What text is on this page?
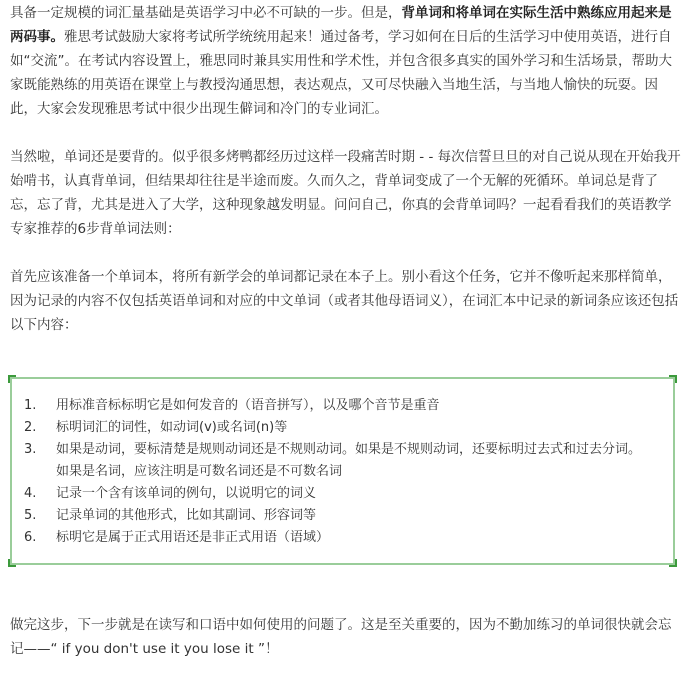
具备一定规模的词汇量基础是英语学习中必不可缺的一步。但是，背单词和将单词在实际生活中熟练应用起来是两码事。雅思考试鼓励大家将考试所学统统用起来！通过备考，学习如何在日后的生活学习中使用英语，进行自如“交流”。在考试内容设置上，雅思同时兼具实用性和学术性，并包含很多真实的国外学习和生活场景，帮助大家既能熟练的用英语在课堂上与教授沟通思想，表达观点，又可尽快融入当地生活，与当地人愉快的玩耍。因此，大家会发现雅思考试中很少出现生僻词和冷门的专业词汇。

当然啦，单词还是要背的。似乎很多烤鸭都经历过这样一段痛苦时期 - - 每次信誓旦旦的对自己说从现在开始我开始啃书，认真背单词，但结果却往往是半途而废。久而久之，背单词变成了一个无解的死循环。单词总是背了忘，忘了背，尤其是进入了大学，这种现象越发明显。问问自己，你真的会背单词吗？一起看看我们的英语教学专家推荐的6步背单词法则：

首先应该准备一个单词本，将所有新学会的单词都记录在本子上。别小看这个任务，它并不像听起来那样简单，因为记录的内容不仅包括英语单词和对应的中文单词（或者其他母语词义），在词汇本中记录的新词条应该还包括以下内容：

1. 用标准音标标明它是如何发音的（语音拼写），以及哪个音节是重音
2. 标明词汇的词性，如动词(v)或名词(n)等
3. 如果是动词，要标清楚是规则动词还是不规则动词。如果是不规则动词，还要标明过去式和过去分词。如果是名词，应该注明是可数名词还是不可数名词
4. 记录一个含有该单词的例句，以说明它的词义
5. 记录单词的其他形式，比如其副词、形容词等
6. 标明它是属于正式用语还是非正式用语（语域）

做完这步，下一步就是在读写和口语中如何使用的问题了。这是至关重要的，因为不勤加练习的单词很快就会忘记——“ if you don't use it you lose it ”！
